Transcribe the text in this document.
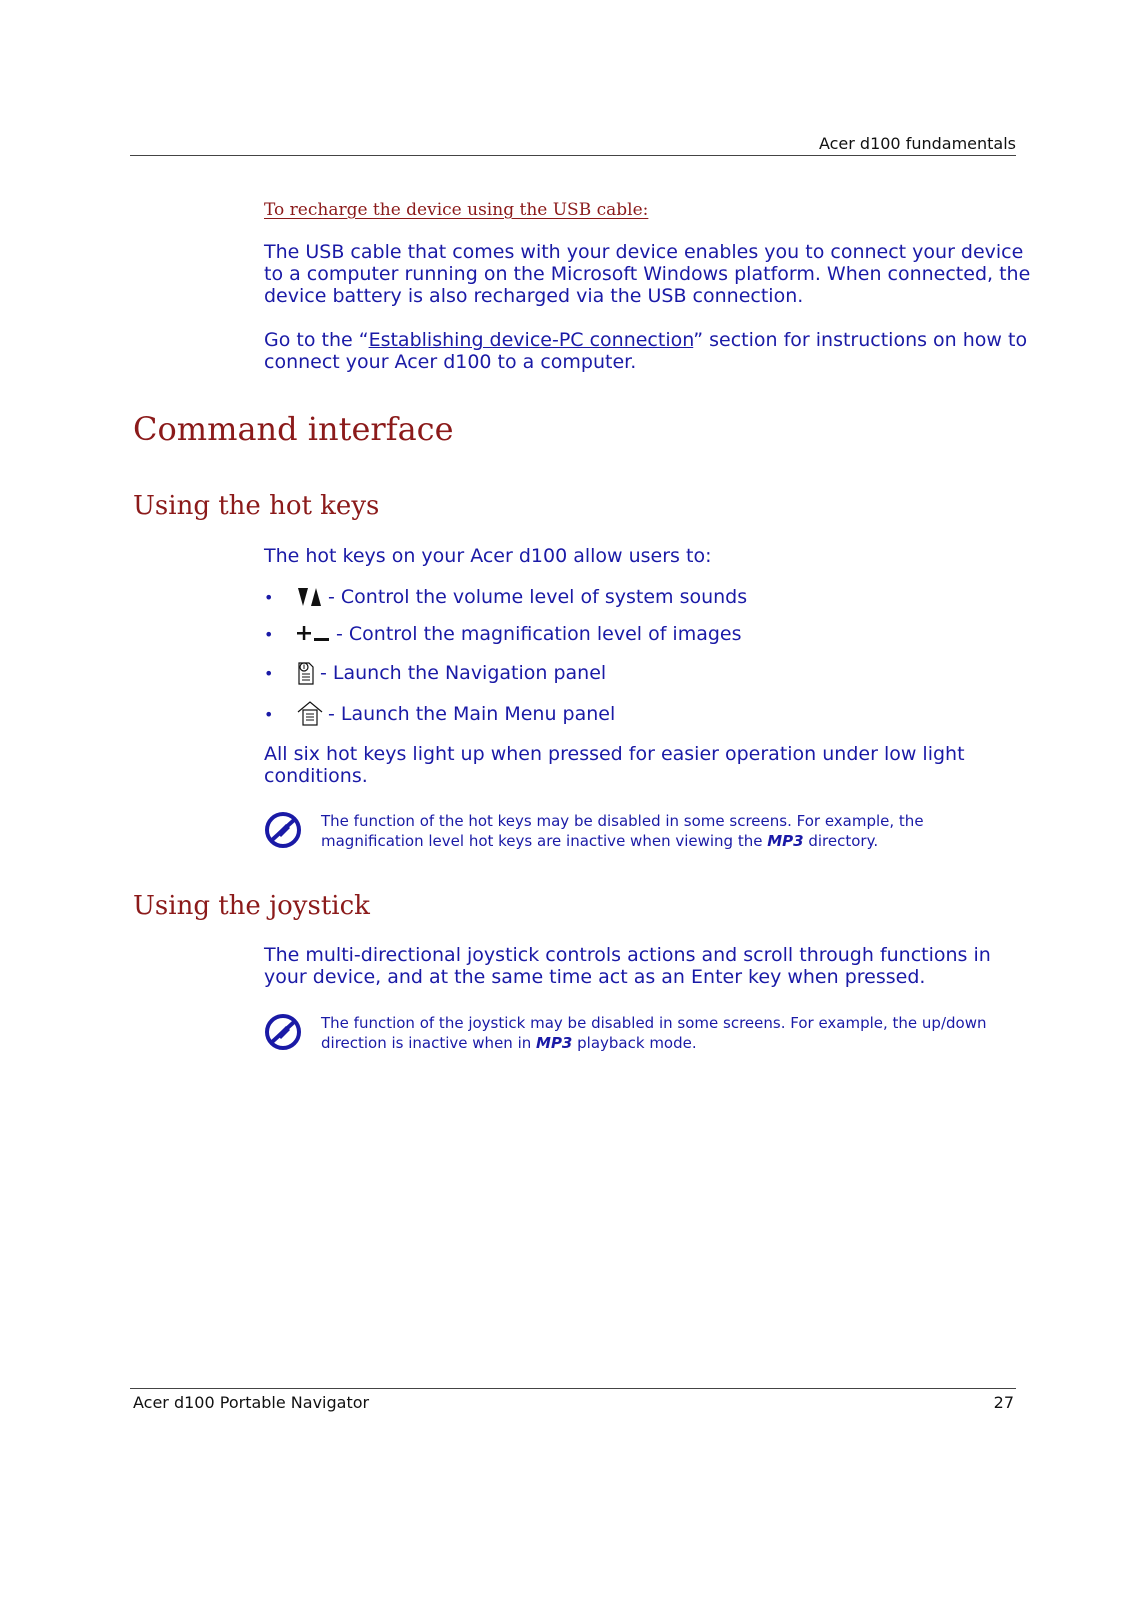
Acer d100 fundamentals
To recharge the device using the USB cable:
The USB cable that comes with your device enables you to connect your device to a computer running on the Microsoft Windows platform. When connected, the device battery is also recharged via the USB connection.
Go to the “Establishing device-PC connection” section for instructions on how to connect your Acer d100 to a computer.
Command interface
Using the hot keys
The hot keys on your Acer d100 allow users to:
•	- Control the volume level of system sounds
•	- Control the magnification level of images
•	- Launch the Navigation panel
•	- Launch the Main Menu panel
All six hot keys light up when pressed for easier operation under low light conditions.
The function of the hot keys may be disabled in some screens. For example, the magnification level hot keys are inactive when viewing the MP3 directory.
Using the joystick
The multi-directional joystick controls actions and scroll through functions in your device, and at the same time act as an Enter key when pressed.
The function of the joystick may be disabled in some screens. For example, the up/down direction is inactive when in MP3 playback mode.
Acer d100 Portable Navigator	27
